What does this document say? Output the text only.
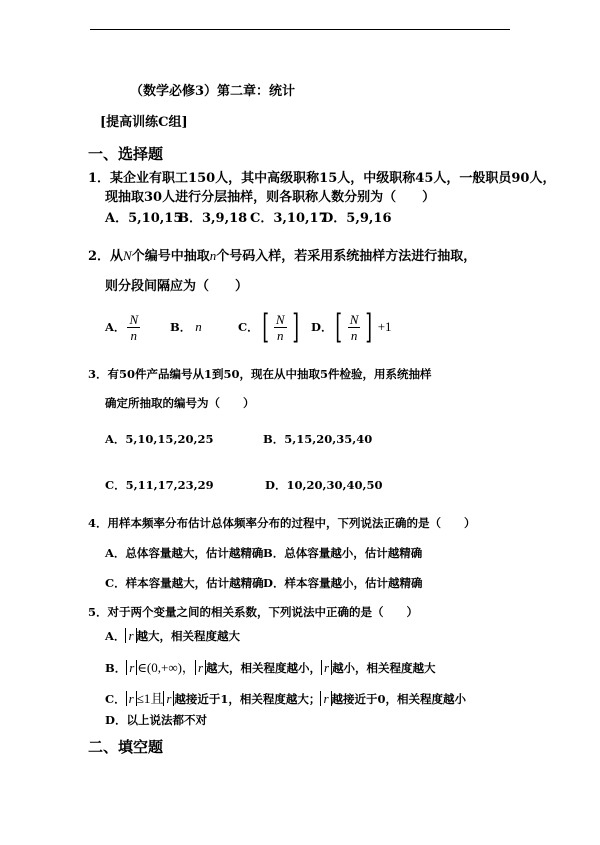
（数学必修3）第二章：统计
[提高训练C组]
一、选择题
1．某企业有职工150人，其中高级职称15人，中级职称45人，一般职员90人，
现抽取30人进行分层抽样，则各职称人数分别为（　　）
A．5,10,15
B．3,9,18 C．3,10,17
D．5,9,16
2．从N个编号中抽取n个号码入样，若采用系统抽样方法进行抽取，
则分段间隔应为（　　）
A． $\frac{N}{n}$	B． n	C． [ $\frac{N}{n}$ ] D． [ $\frac{N}{n}$ ] +1
3．有50件产品编号从1到50，现在从中抽取5件检验，用系统抽样
确定所抽取的编号为（　　）
A．5,10,15,20,25	B．5,15,20,35,40
C．5,11,17,23,29	D．10,20,30,40,50
4．用样本频率分布估计总体频率分布的过程中，下列说法正确的是（　　）
A．总体容量越大，估计越精确 B．总体容量越小，估计越精确
C．样本容量越大，估计越精确 D．样本容量越小，估计越精确
5．对于两个变量之间的相关系数，下列说法中正确的是（　　）
A． r 越大，相关程度越大
B． r ∈(0,+∞)， r 越大，相关程度越小， r 越小，相关程度越大
C． r ≤1且 r 越接近于1，相关程度越大； r 越接近于0，相关程度越小
D．以上说法都不对
二、填空题
